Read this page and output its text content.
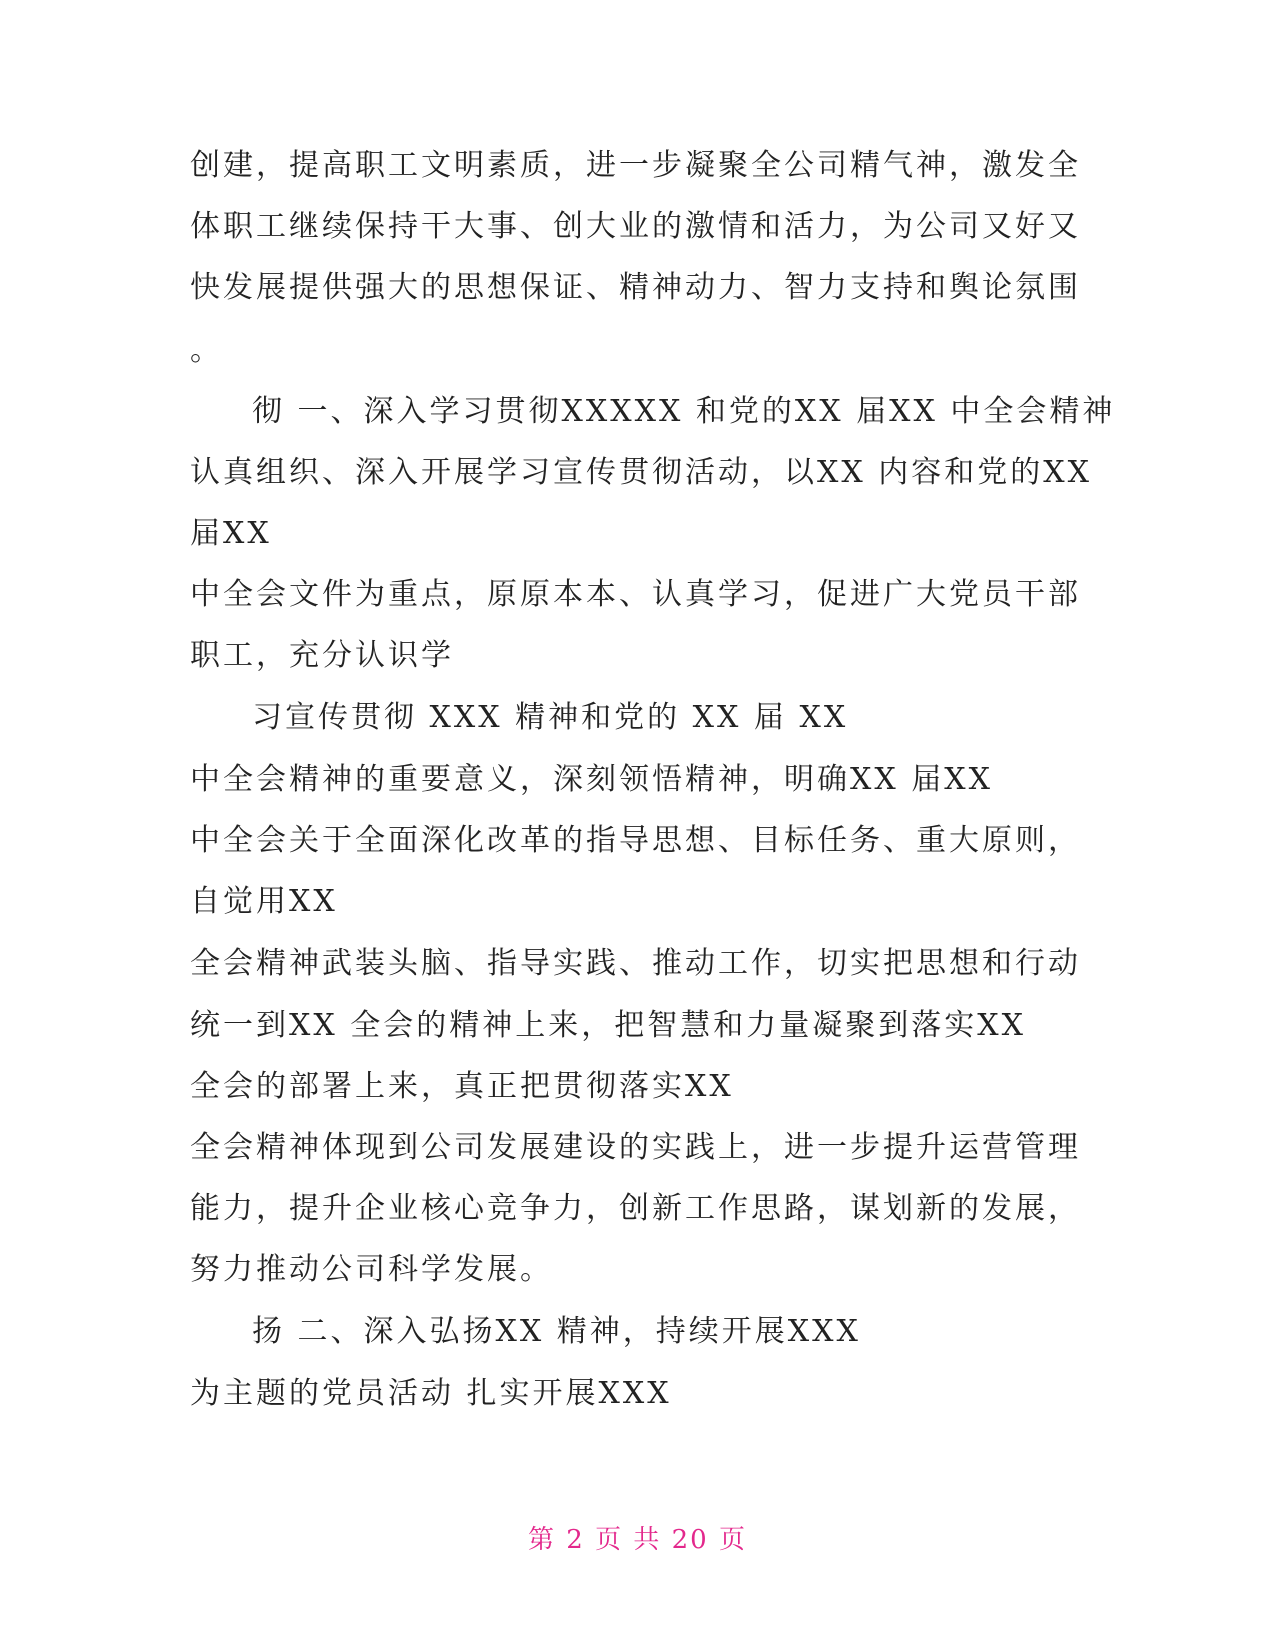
创建，提高职工文明素质，进一步凝聚全公司精气神，激发全
体职工继续保持干大事、创大业的激情和活力，为公司又好又
快发展提供强大的思想保证、精神动力、智力支持和舆论氛围
。
彻 一、深入学习贯彻XXXXX 和党的XX 届XX 中全会精神
认真组织、深入开展学习宣传贯彻活动，以XX 内容和党的XX
届XX
中全会文件为重点，原原本本、认真学习，促进广大党员干部
职工，充分认识学
习宣传贯彻 XXX 精神和党的 XX 届 XX
中全会精神的重要意义，深刻领悟精神，明确XX 届XX
中全会关于全面深化改革的指导思想、目标任务、重大原则，
自觉用XX
全会精神武装头脑、指导实践、推动工作，切实把思想和行动
统一到XX 全会的精神上来，把智慧和力量凝聚到落实XX
全会的部署上来，真正把贯彻落实XX
全会精神体现到公司发展建设的实践上，进一步提升运营管理
能力，提升企业核心竞争力，创新工作思路，谋划新的发展，
努力推动公司科学发展。
扬 二、深入弘扬XX 精神，持续开展XXX
为主题的党员活动 扎实开展XXX
第 2 页 共 20 页
